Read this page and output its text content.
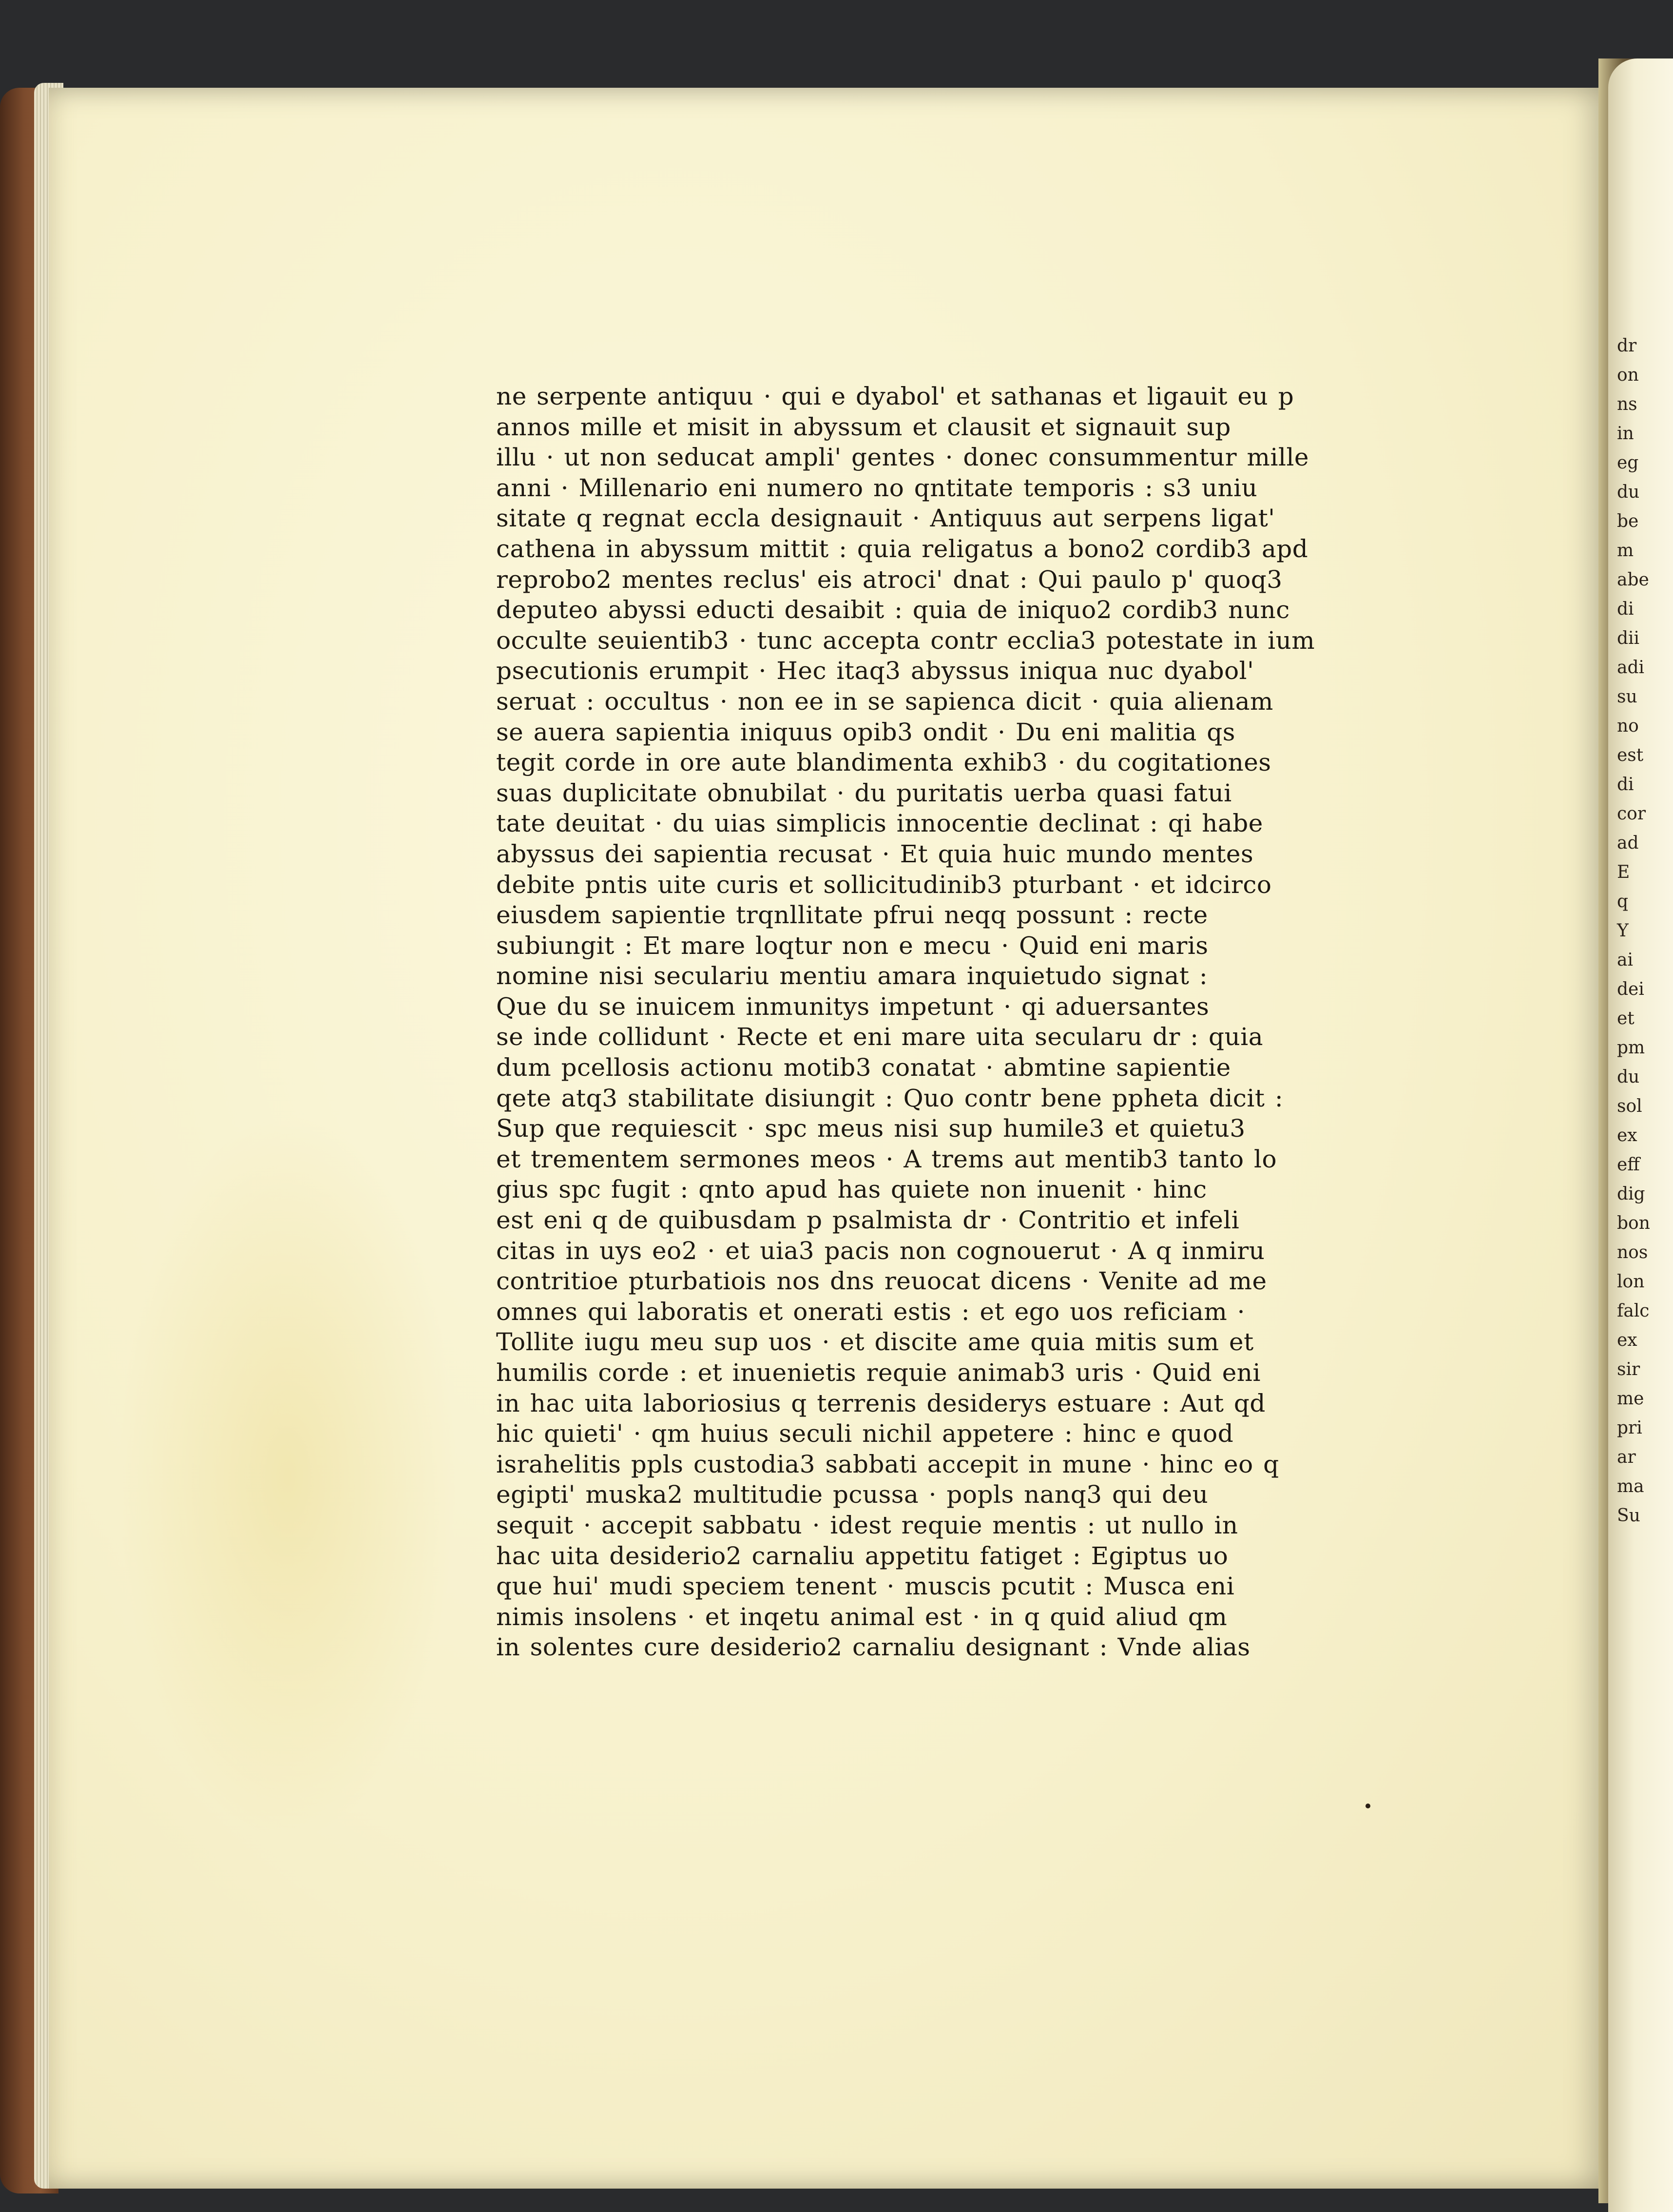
ne serpente antiquu · qui e dyabol' et sathanas et ligauit eu p
annos mille et misit in abyssum et clausit et signauit sup
illu · ut non seducat ampli' gentes · donec consummentur mille
anni · Millenario eni numero no qntitate temporis : s3 uniu
sitate q regnat eccla designauit · Antiquus aut serpens ligat'
cathena in abyssum mittit : quia religatus a bono2 cordib3 apd
reprobo2 mentes reclus' eis atroci' dnat : Qui paulo p' quoq3
deputeo abyssi educti desaibit : quia de iniquo2 cordib3 nunc
occulte seuientib3 · tunc accepta contr ecclia3 potestate in ium
psecutionis erumpit · Hec itaq3 abyssus iniqua nuc dyabol'
seruat : occultus · non ee in se sapienca dicit · quia alienam
se auera sapientia iniquus opib3 ondit · Du eni malitia qs
tegit corde in ore aute blandimenta exhib3 · du cogitationes
suas duplicitate obnubilat · du puritatis uerba quasi fatui
tate deuitat · du uias simplicis innocentie declinat : qi habe
abyssus dei sapientia recusat · Et quia huic mundo mentes
debite pntis uite curis et sollicitudinib3 pturbant · et idcirco
eiusdem sapientie trqnllitate pfrui neqq possunt : recte
subiungit : Et mare loqtur non e mecu · Quid eni maris
nomine nisi seculariu mentiu amara inquietudo signat :
Que du se inuicem inmunitys impetunt · qi aduersantes
se inde collidunt · Recte et eni mare uita secularu dr : quia
dum pcellosis actionu motib3 conatat · abmtine sapientie
qete atq3 stabilitate disiungit : Quo contr bene ppheta dicit :
Sup que requiescit · spc meus nisi sup humile3 et quietu3
et trementem sermones meos · A trems aut mentib3 tanto lo
gius spc fugit : qnto apud has quiete non inuenit · hinc
est eni q de quibusdam p psalmista dr · Contritio et infeli
citas in uys eo2 · et uia3 pacis non cognouerut · A q inmiru
contritioe pturbatiois nos dns reuocat dicens · Venite ad me
omnes qui laboratis et onerati estis : et ego uos reficiam ·
Tollite iugu meu sup uos · et discite ame quia mitis sum et
humilis corde : et inuenietis requie animab3 uris · Quid eni
in hac uita laboriosius q terrenis desiderys estuare : Aut qd
hic quieti' · qm huius seculi nichil appetere : hinc e quod
israhelitis ppls custodia3 sabbati accepit in mune · hinc eo q
egipti' muska2 multitudie pcussa · popls nanq3 qui deu
sequit · accepit sabbatu · idest requie mentis : ut nullo in
hac uita desiderio2 carnaliu appetitu fatiget : Egiptus uo
que hui' mudi speciem tenent · muscis pcutit : Musca eni
nimis insolens · et inqetu animal est · in q quid aliud qm
in solentes cure desiderio2 carnaliu designant : Vnde alias
dr
on
ns
in
eg
du
be
m
abe
di
dii
adi
su
no
est
di
cor
ad
E
q
Y
ai
dei
et
pm
du
sol
ex
eff
dig
bon
nos
lon
falc
ex
sir
me
pri
ar
ma
Su
